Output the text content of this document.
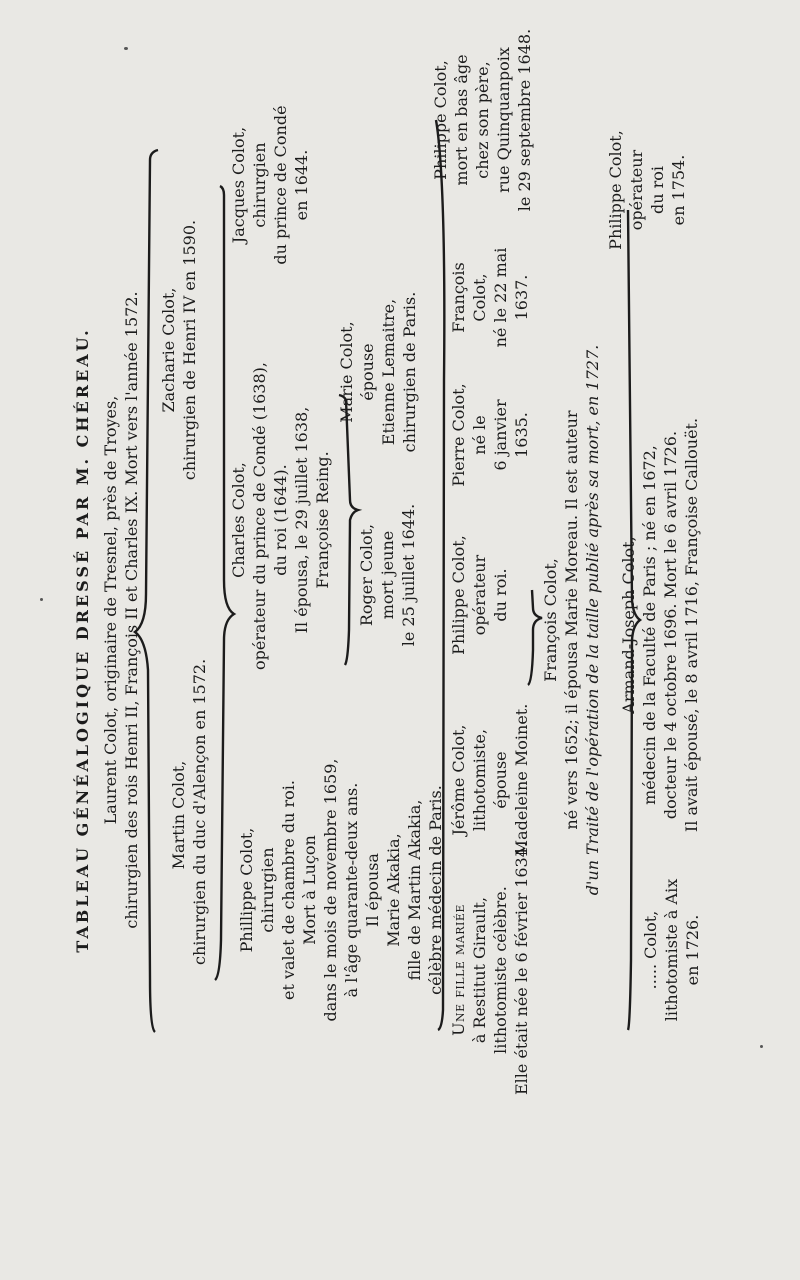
TABLEAU GÉNÉALOGIQUE DRESSÉ PAR M. CHÉREAU. Laurent Colot, originaire de Tresnel, près de Troyes, chirurgien des rois Henri II, François II et Charles IX. Mort vers l'année 1572. Martin Colot, chirurgien du duc d'Alençon en 1572.
Zacharie Colot, chirurgien de Henri IV en 1590.
Phillippe Colot, chirurgien et valet de chambre du roi. Mort à Luçon dans le mois de novembre 1659, à l'âge quarante-deux ans. Il épousa Marie Akakia, fille de Martin Akakia, célèbre médecin de Paris.
Charles Colot, opérateur du prince de Condé (1638), du roi (1644). Il épousa, le 29 juillet 1638, Françoise Reing.
Jacques Colot, chirurgien du prince de Condé en 1644.
Roger Colot, mort jeune le 25 juillet 1644.
Marie Colot, épouse Etienne Lemaitre, chirurgien de Paris.
Une fille mariée à Restitut Girault, lithotomiste célèbre. Elle était née le 6 février 1634.
Jérôme Colot, lithotomiste, épouse Madeleine Moinet.
Philippe Colot, opérateur du roi.
Pierre Colot, né le 6 janvier 1635.
François Colot, né le 22 mai 1637.
Philippe Colot, mort en bas âge chez son père, rue Quinquanpoix le 29 septembre 1648.
François Colot, né vers 1652; il épousa Marie Moreau. Il est auteur d'un Traité de l'opération de la taille publié après sa mort, en 1727.
..... Colot, lithotomiste à Aix en 1726.
Armand-Joseph Colot, médecin de la Faculté de Paris ; né en 1672, docteur le 4 octobre 1696. Mort le 6 avril 1726. Il avait épousé, le 8 avril 1716, Françoise Callouët.
Philippe Colot, opérateur du roi en 1754.
